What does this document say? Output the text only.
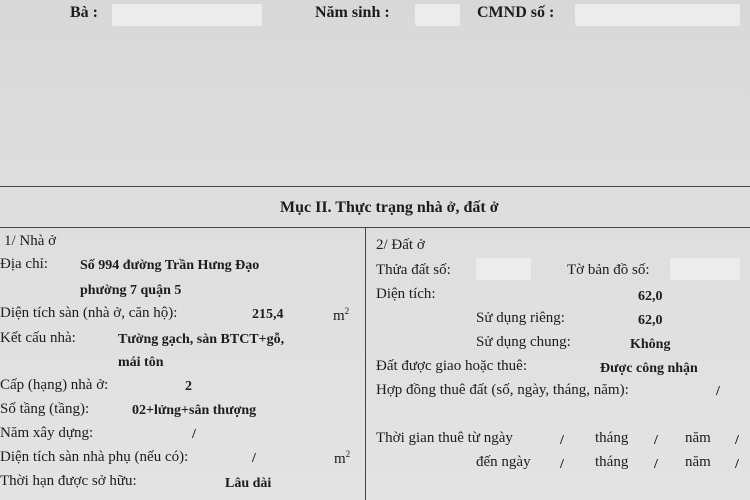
Bà :	Năm sinh :	CMND số :
Mục II. Thực trạng nhà ở, đất ở
1/ Nhà ở
Địa chỉ: Số 994 đường Trần Hưng Đạo
phường 7 quận 5
Diện tích sàn (nhà ở, căn hộ):	215,4	$m^2$
Kết cấu nhà:	Tường gạch, sàn BTCT+gỗ,
mái tôn
Cấp (hạng) nhà ở:	2
Số tầng (tầng):	02+lửng+sân thượng
Năm xây dựng:	/
Diện tích sàn nhà phụ (nếu có):	/	$m^2$
Thời hạn được sở hữu:	Lâu dài
2/ Đất ở
Thửa đất số:	Tờ bản đồ số:
Diện tích:	62,0
Sử dụng riêng:	62,0
Sử dụng chung:	Không
Đất được giao hoặc thuê:	Được công nhận
Hợp đồng thuê đất (số, ngày, tháng, năm):	/
Thời gian thuê từ ngày	/ tháng / năm /
đến ngày / tháng / năm /
